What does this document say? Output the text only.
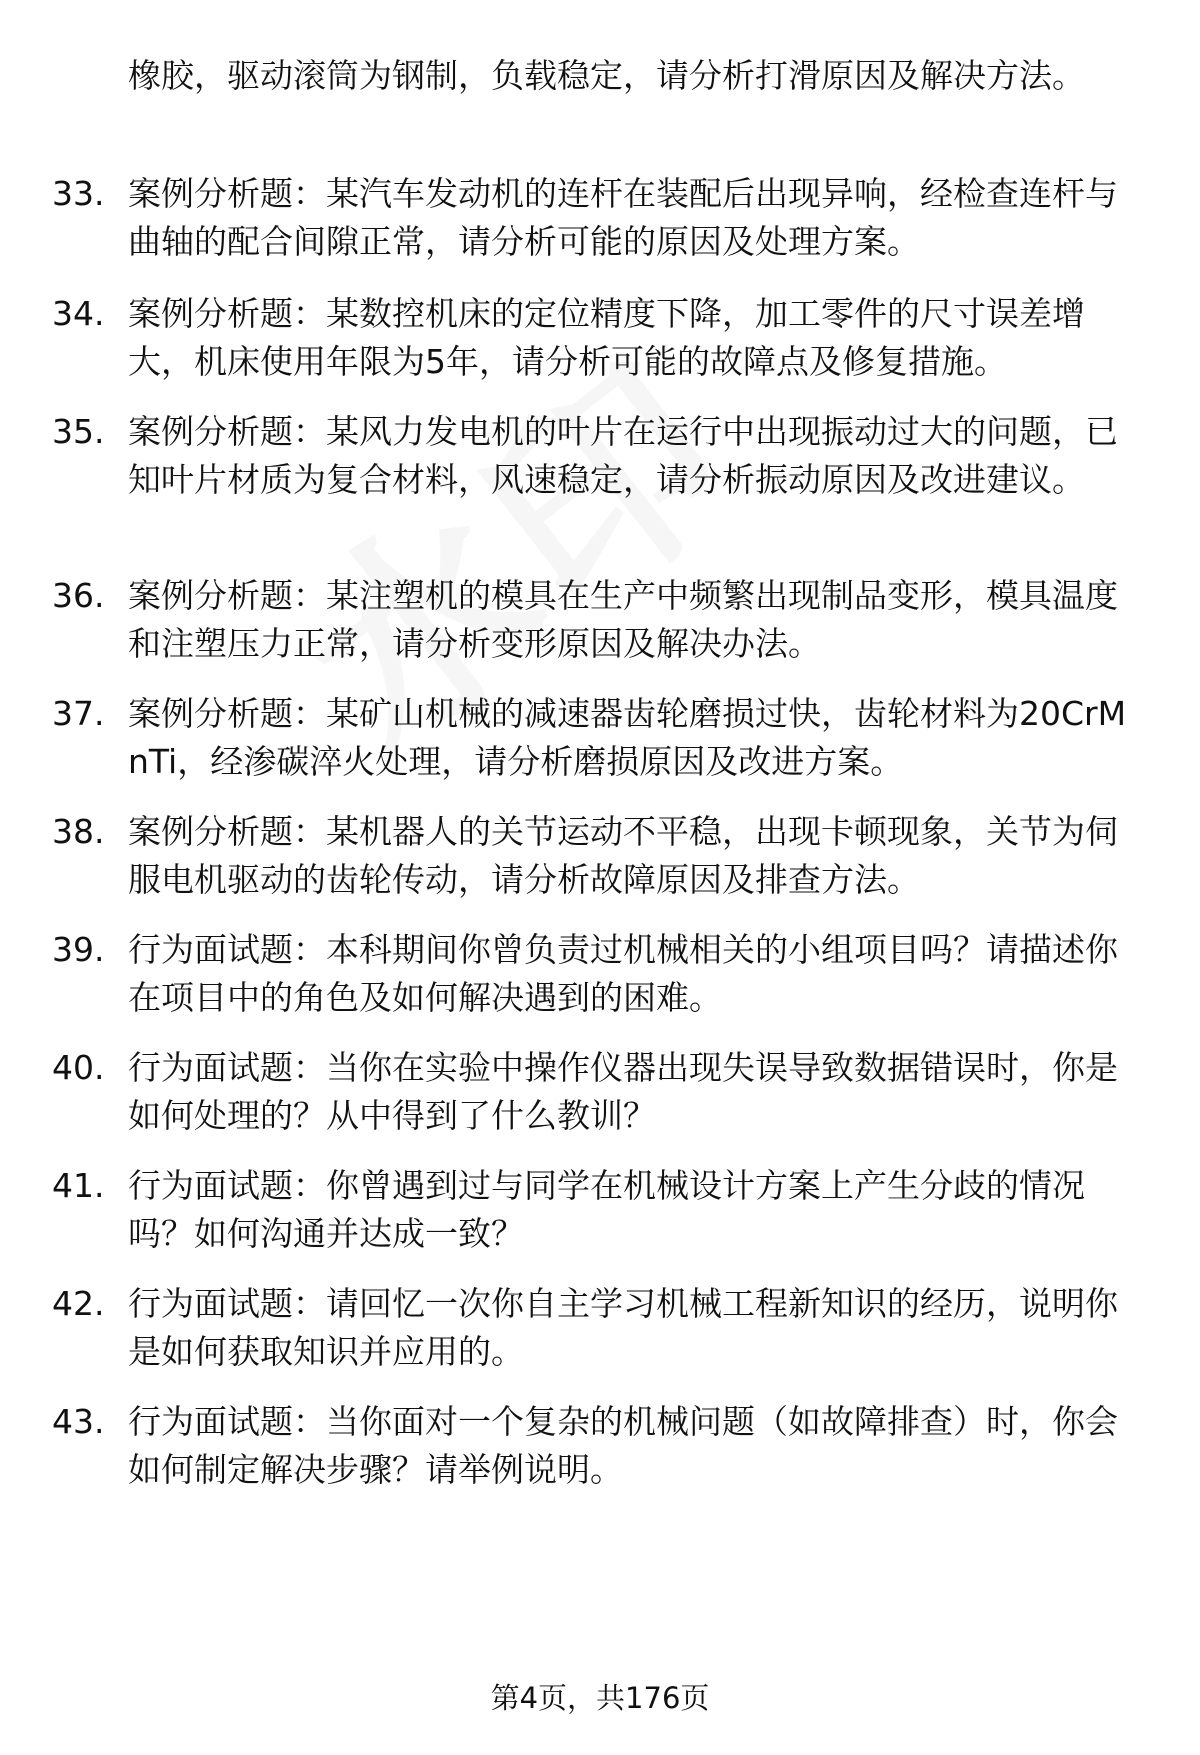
橡胶，驱动滚筒为钢制，负载稳定，请分析打滑原因及解决方法。
33. 案例分析题：某汽车发动机的连杆在装配后出现异响，经检查连杆与曲轴的配合间隙正常，请分析可能的原因及处理方案。
34. 案例分析题：某数控机床的定位精度下降，加工零件的尺寸误差增大，机床使用年限为5年，请分析可能的故障点及修复措施。
35. 案例分析题：某风力发电机的叶片在运行中出现振动过大的问题，已知叶片材质为复合材料，风速稳定，请分析振动原因及改进建议。
36. 案例分析题：某注塑机的模具在生产中频繁出现制品变形，模具温度和注塑压力正常，请分析变形原因及解决办法。
37. 案例分析题：某矿山机械的减速器齿轮磨损过快，齿轮材料为20CrMnTi，经渗碳淬火处理，请分析磨损原因及改进方案。
38. 案例分析题：某机器人的关节运动不平稳，出现卡顿现象，关节为伺服电机驱动的齿轮传动，请分析故障原因及排查方法。
39. 行为面试题：本科期间你曾负责过机械相关的小组项目吗？请描述你在项目中的角色及如何解决遇到的困难。
40. 行为面试题：当你在实验中操作仪器出现失误导致数据错误时，你是如何处理的？从中得到了什么教训？
41. 行为面试题：你曾遇到过与同学在机械设计方案上产生分歧的情况吗？如何沟通并达成一致？
42. 行为面试题：请回忆一次你自主学习机械工程新知识的经历，说明你是如何获取知识并应用的。
43. 行为面试题：当你面对一个复杂的机械问题（如故障排查）时，你会如何制定解决步骤？请举例说明。
第4页，共176页
